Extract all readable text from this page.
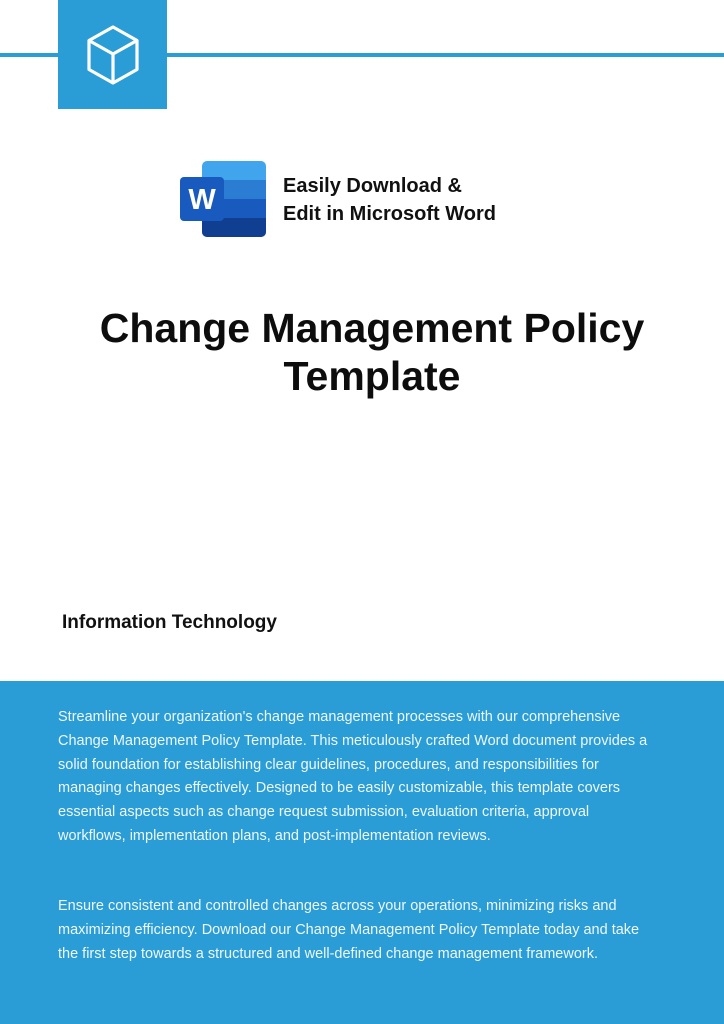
W	Easily Download &
Edit in Microsoft Word

Change Management Policy
Template

Information Technology

Streamline your organization's change management processes with our comprehensive Change Management Policy Template. This meticulously crafted Word document provides a solid foundation for establishing clear guidelines, procedures, and responsibilities for managing changes effectively. Designed to be easily customizable, this template covers essential aspects such as change request submission, evaluation criteria, approval workflows, implementation plans, and post-implementation reviews.

Ensure consistent and controlled changes across your operations, minimizing risks and maximizing efficiency. Download our Change Management Policy Template today and take the first step towards a structured and well-defined change management framework.
